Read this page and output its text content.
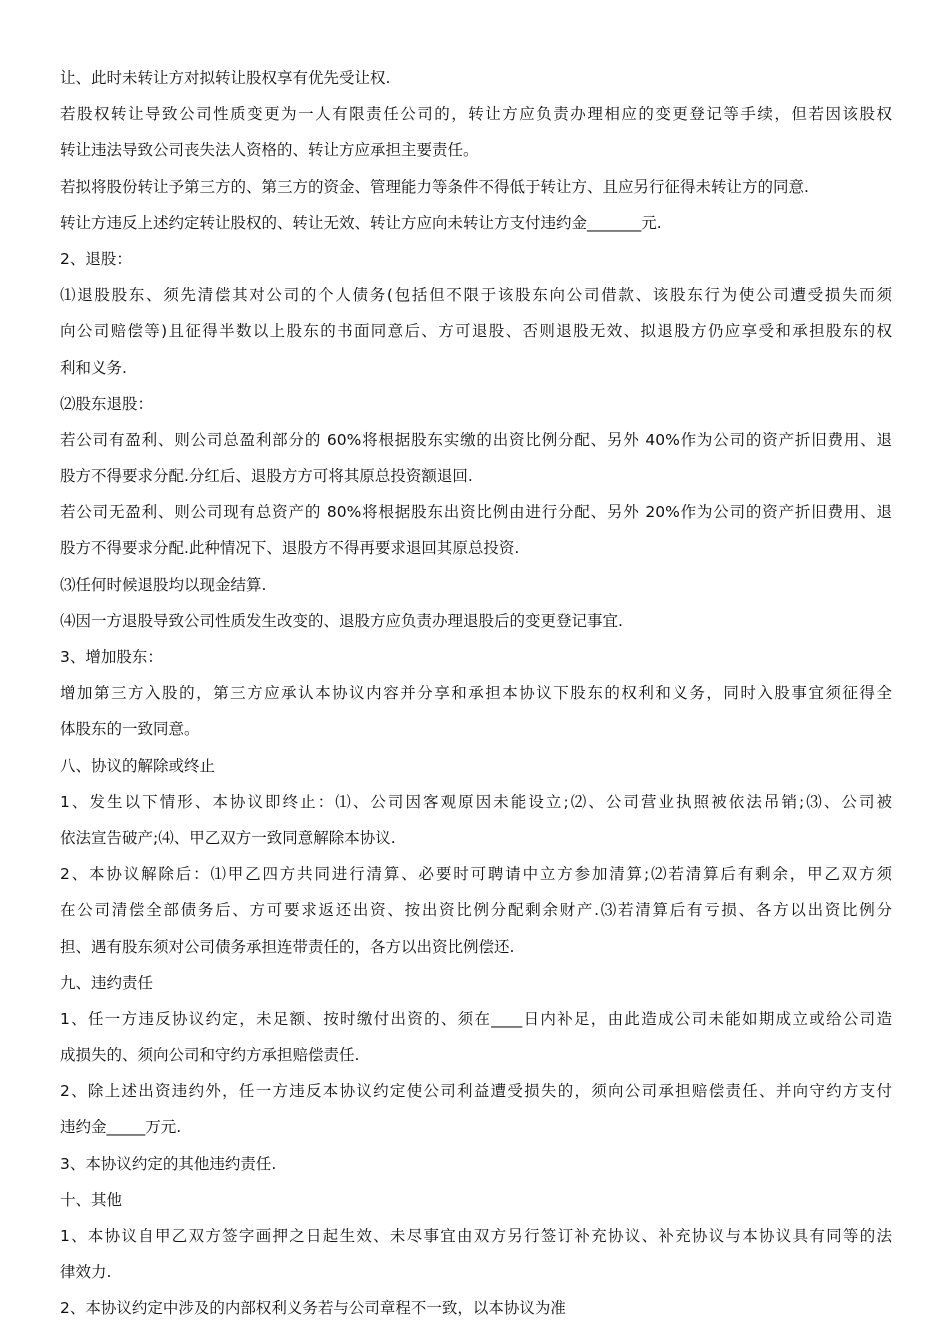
让、此时未转让方对拟转让股权享有优先受让权.
若股权转让导致公司性质变更为一人有限责任公司的，转让方应负责办理相应的变更登记等手续，但若因该股权
转让违法导致公司丧失法人资格的、转让方应承担主要责任。
若拟将股份转让予第三方的、第三方的资金、管理能力等条件不得低于转让方、且应另行征得未转让方的同意.
转让方违反上述约定转让股权的、转让无效、转让方应向未转让方支付违约金_______元.
2、退股：
⑴退股股东、须先清偿其对公司的个人债务(包括但不限于该股东向公司借款、该股东行为使公司遭受损失而须
向公司赔偿等)且征得半数以上股东的书面同意后、方可退股、否则退股无效、拟退股方仍应享受和承担股东的权
利和义务.
⑵股东退股：
若公司有盈利、则公司总盈利部分的 60%将根据股东实缴的出资比例分配、另外 40%作为公司的资产折旧费用、退
股方不得要求分配.分红后、退股方方可将其原总投资额退回.
若公司无盈利、则公司现有总资产的 80%将根据股东出资比例由进行分配、另外 20%作为公司的资产折旧费用、退
股方不得要求分配.此种情况下、退股方不得再要求退回其原总投资.
⑶任何时候退股均以现金结算.
⑷因一方退股导致公司性质发生改变的、退股方应负责办理退股后的变更登记事宜.
3、增加股东：
增加第三方入股的，第三方应承认本协议内容并分享和承担本协议下股东的权利和义务，同时入股事宜须征得全
体股东的一致同意。
八、协议的解除或终止
1、发生以下情形、本协议即终止：⑴、公司因客观原因未能设立;⑵、公司营业执照被依法吊销;⑶、公司被
依法宣告破产;⑷、甲乙双方一致同意解除本协议.
2、本协议解除后：⑴甲乙四方共同进行清算、必要时可聘请中立方参加清算;⑵若清算后有剩余，甲乙双方须
在公司清偿全部债务后、方可要求返还出资、按出资比例分配剩余财产.⑶若清算后有亏损、各方以出资比例分
担、遇有股东须对公司债务承担连带责任的，各方以出资比例偿还.
九、违约责任
1、任一方违反协议约定，未足额、按时缴付出资的、须在____日内补足，由此造成公司未能如期成立或给公司造
成损失的、须向公司和守约方承担赔偿责任.
2、除上述出资违约外，任一方违反本协议约定使公司利益遭受损失的，须向公司承担赔偿责任、并向守约方支付
违约金_____万元.
3、本协议约定的其他违约责任.
十、其他
1、本协议自甲乙双方签字画押之日起生效、未尽事宜由双方另行签订补充协议、补充协议与本协议具有同等的法
律效力.
2、本协议约定中涉及的内部权利义务若与公司章程不一致，以本协议为准
